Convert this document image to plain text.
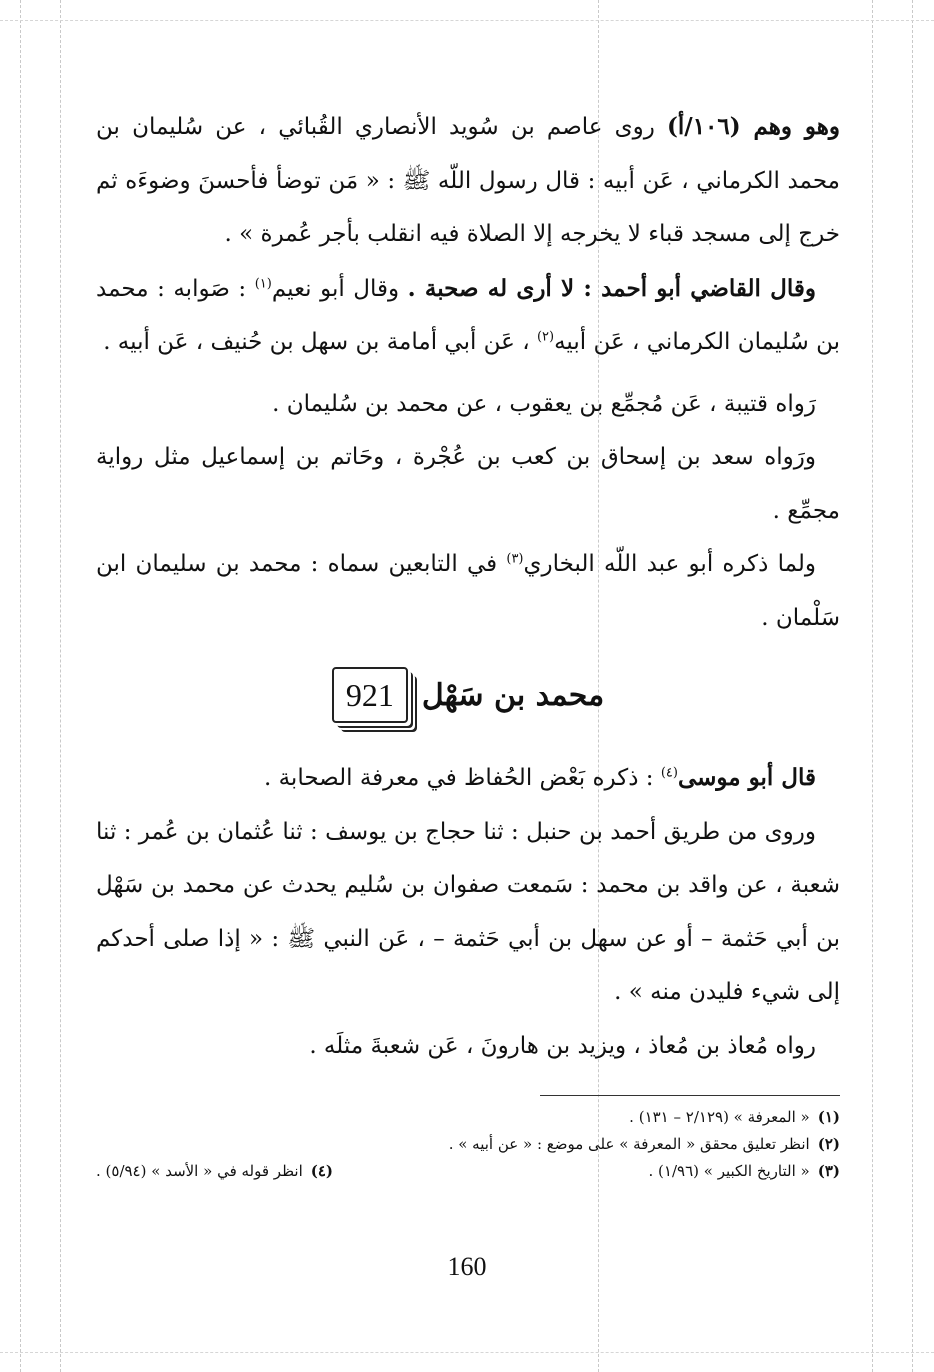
وهو وهم (١٠٦/أ) روى عاصم بن سُويد الأنصاري القُبائي ، عن سُليمان بن محمد الكرماني ، عَن أبيه : قال رسول اللّه ﷺ : « مَن توضأ فأحسنَ وضوءَه ثم خرج إلى مسجد قباء لا يخرجه إلا الصلاة فيه انقلب بأجر عُمرة » .

وقال القاضي أبو أحمد : لا أرى له صحبة . وقال أبو نعيم$^{(١)}$ : صَوابه : محمد بن سُليمان الكرماني ، عَن أبيه$^{(٢)}$ ، عَن أبي أمامة بن سهل بن حُنيف ، عَن أبيه .

رَواه قتيبة ، عَن مُجمِّع بن يعقوب ، عن محمد بن سُليمان .

ورَواه سعد بن إسحاق بن كعب بن عُجْرة ، وحَاتم بن إسماعيل مثل رواية مجمِّع .

ولما ذكره أبو عبد اللّه البخاري$^{(٣)}$ في التابعين سماه : محمد بن سليمان ابن سَلْمان .

محمد بن سَهْل
921

قال أبو موسى$^{(٤)}$ : ذكره بَعْض الحُفاظ في معرفة الصحابة .

وروى من طريق أحمد بن حنبل : ثنا حجاج بن يوسف : ثنا عُثمان بن عُمر : ثنا شعبة ، عن واقد بن محمد : سَمعت صفوان بن سُليم يحدث عن محمد بن سَهْل بن أبي حَثمة – أو عن سهل بن أبي حَثمة – ، عَن النبي ﷺ : « إذا صلى أحدكم إلى شيء فليدن منه » .

رواه مُعاذ بن مُعاذ ، ويزيد بن هارونَ ، عَن شعبةَ مثلَه .

(١)« المعرفة » (٢/١٢٩ – ١٣١) .

(٢)انظر تعليق محقق « المعرفة » على موضع : « عن أبيه » .

(٣)« التاريخ الكبير » (١/٩٦) .
(٤)انظر قوله في « الأسد » (٥/٩٤) .
160
